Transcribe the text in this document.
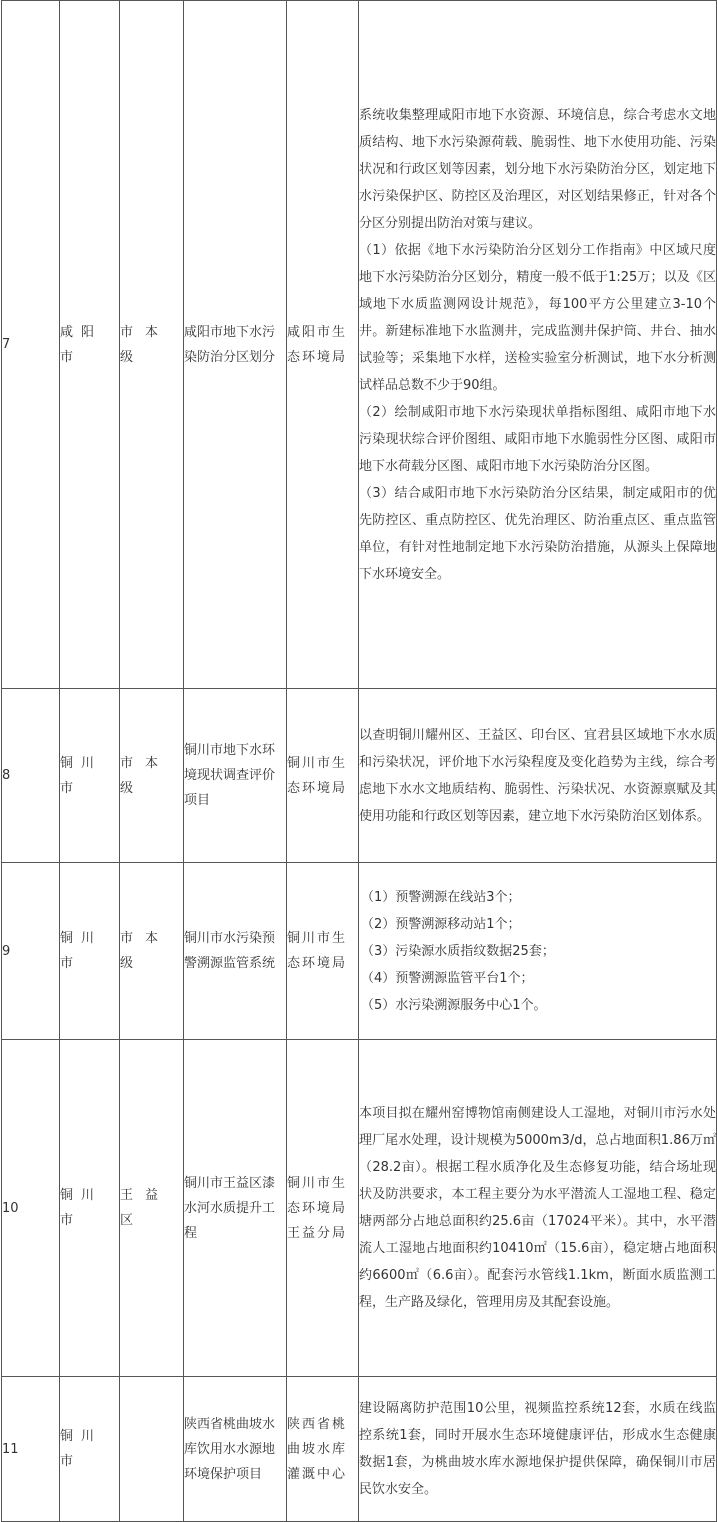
7	咸阳市	市本级	咸阳市地下水污染防治分区划分	咸阳市生态环境局	系统收集整理咸阳市地下水资源、环境信息，综合考虑水文地质结构、地下水污染源荷载、脆弱性、地下水使用功能、污染状况和行政区划等因素，划分地下水污染防治分区，划定地下水污染保护区、防控区及治理区，对区划结果修正，针对各个分区分别提出防治对策与建议。

（1）依据《地下水污染防治分区划分工作指南》中区域尺度地下水污染防治分区划分，精度一般不低于1:25万；以及《区域地下水质监测网设计规范》，每100平方公里建立3-10个井。新建标准地下水监测井，完成监测井保护筒、井台、抽水试验等；采集地下水样，送检实验室分析测试，地下水分析测试样品总数不少于90组。

（2）绘制咸阳市地下水污染现状单指标图组、咸阳市地下水污染现状综合评价图组、咸阳市地下水脆弱性分区图、咸阳市地下水荷载分区图、咸阳市地下水污染防治分区图。

（3）结合咸阳市地下水污染防治分区结果，制定咸阳市的优先防控区、重点防控区、优先治理区、防治重点区、重点监管单位，有针对性地制定地下水污染防治措施，从源头上保障地下水环境安全。

8	铜川市	市本级	铜川市地下水环境现状调查评价项目	铜川市生态环境局	以查明铜川耀州区、王益区、印台区、宜君县区域地下水水质和污染状况，评价地下水污染程度及变化趋势为主线，综合考虑地下水水文地质结构、脆弱性、污染状况、水资源禀赋及其使用功能和行政区划等因素，建立地下水污染防治区划体系。

9	铜川市	市本级	铜川市水污染预警溯源监管系统	铜川市生态环境局	（1）预警溯源在线站3个；

（2）预警溯源移动站1个；

（3）污染源水质指纹数据25套；

（4）预警溯源监管平台1个；

（5）水污染溯源服务中心1个。

10	铜川市	王益区	铜川市王益区漆水河水质提升工程	铜川市生态环境局王益分局	本项目拟在耀州窑博物馆南侧建设人工湿地，对铜川市污水处理厂尾水处理，设计规模为5000m3/d，总占地面积1.86万㎡（28.2亩）。根据工程水质净化及生态修复功能，结合场址现状及防洪要求，本工程主要分为水平潜流人工湿地工程、稳定塘两部分占地总面积约25.6亩（17024平米）。其中，水平潜流人工湿地占地面积约10410㎡（15.6亩），稳定塘占地面积约6600㎡（6.6亩）。配套污水管线1.1km，断面水质监测工程，生产路及绿化，管理用房及其配套设施。

11	铜川市		陕西省桃曲坡水库饮用水水源地环境保护项目	陕西省桃曲坡水库灌溉中心	建设隔离防护范围10公里，视频监控系统12套，水质在线监控系统1套，同时开展水生态环境健康评估，形成水生态健康数据1套，为桃曲坡水库水源地保护提供保障，确保铜川市居民饮水安全。
